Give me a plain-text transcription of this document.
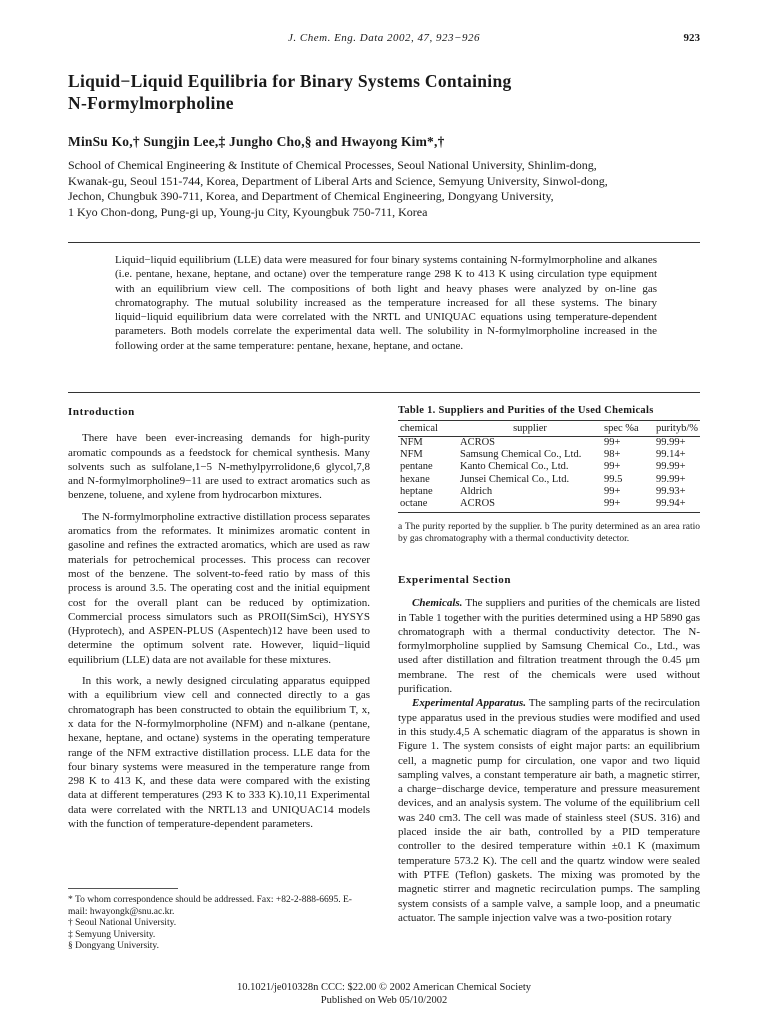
J. Chem. Eng. Data 2002, 47, 923−926	923
Liquid−Liquid Equilibria for Binary Systems Containing
N-Formylmorpholine
MinSu Ko,† Sungjin Lee,‡ Jungho Cho,§ and Hwayong Kim*,†
School of Chemical Engineering & Institute of Chemical Processes, Seoul National University, Shinlim-dong,
Kwanak-gu, Seoul 151-744, Korea, Department of Liberal Arts and Science, Semyung University, Sinwol-dong,
Jechon, Chungbuk 390-711, Korea, and Department of Chemical Engineering, Dongyang University,
1 Kyo Chon-dong, Pung-gi up, Young-ju City, Kyoungbuk 750-711, Korea
Liquid−liquid equilibrium (LLE) data were measured for four binary systems containing N-formylmorpholine and alkanes (i.e. pentane, hexane, heptane, and octane) over the temperature range 298 K to 413 K using circulation type equipment with an equilibrium view cell. The compositions of both light and heavy phases were analyzed by on-line gas chromatography. The mutual solubility increased as the temperature increased for all these systems. The binary liquid−liquid equilibrium data were correlated with the NRTL and UNIQUAC equations using temperature-dependent parameters. Both models correlate the experimental data well. The solubility in N-formylmorpholine increased in the following order at the same temperature: pentane, hexane, heptane, and octane.
Introduction

There have been ever-increasing demands for high-purity aromatic compounds as a feedstock for chemical synthesis. Many solvents such as sulfolane,1−5 N-methylpyrrolidone,6 glycol,7,8 and N-formylmorpholine9−11 are used to extract aromatics such as benzene, toluene, and xylene from hydrocarbon mixtures.

The N-formylmorpholine extractive distillation process separates aromatics from the reformates. It minimizes aromatic content in gasoline and refines the extracted aromatics, which are used as raw materials for petrochemical processes. This process can recover most of the benzene. The solvent-to-feed ratio by mass of this process is around 3.5. The operating cost and the initial equipment cost for the overall plant can be reduced by optimization. Commercial process simulators such as PROII(SimSci), HYSYS (Hyprotech), and ASPEN-PLUS (Aspentech)12 have been used to determine the optimum solvent rate. However, liquid−liquid equilibrium (LLE) data are not available for these mixtures.

In this work, a newly designed circulating apparatus equipped with a equilibrium view cell and connected directly to a gas chromatograph has been constructed to obtain the equilibrium T, x, x data for the N-formylmorpholine (NFM) and n-alkane (pentane, hexane, heptane, and octane) systems in the operating temperature range of the NFM extractive distillation process. LLE data for the four binary systems were measured in the temperature range from 298 K to 413 K, and these data were compared with the existing data at different temperatures (293 K to 333 K).10,11 Experimental data were correlated with the NRTL13 and UNIQUAC14 models with the function of temperature-dependent parameters.

* To whom correspondence should be addressed. Fax: +82-2-888-6695. E-mail: hwayongk@snu.ac.kr.
† Seoul National University.
‡ Semyung University.
§ Dongyang University.
Table 1. Suppliers and Purities of the Used Chemicals
chemical	supplier	spec %a	purityb/%
NFM	ACROS	99+	99.99+
NFM	Samsung Chemical Co., Ltd.	98+	99.14+
pentane	Kanto Chemical Co., Ltd.	99+	99.99+
hexane	Junsei Chemical Co., Ltd.	99.5	99.99+
heptane	Aldrich	99+	99.93+
octane	ACROS	99+	99.94+
a The purity reported by the supplier. b The purity determined as an area ratio by gas chromatography with a thermal conductivity detector.
Experimental Section

Chemicals. The suppliers and purities of the chemicals are listed in Table 1 together with the purities determined using a HP 5890 gas chromatograph with a thermal conductivity detector. The N-formylmorpholine supplied by Samsung Chemical Co., Ltd., was used after distillation and filtration treatment through the 0.45 μm membrane. The rest of the chemicals were used without purification.

Experimental Apparatus. The sampling parts of the recirculation type apparatus used in the previous studies were modified and used in this study.4,5 A schematic diagram of the apparatus is shown in Figure 1. The system consists of eight major parts: an equilibrium cell, a magnetic pump for circulation, one vapor and two liquid sampling valves, a constant temperature air bath, a magnetic stirrer, a charge−discharge device, temperature and pressure measurement devices, and an analysis system. The volume of the equilibrium cell was 240 cm3. The cell was made of stainless steel (SUS. 316) and placed inside the air bath, controlled by a PID temperature controller to the desired temperature within ±0.1 K (maximum temperature 573.2 K). The cell and the quartz window were sealed with PTFE (Teflon) gaskets. The mixing was promoted by the magnetic stirrer and magnetic recirculation pumps. The sampling system consists of a sample valve, a sample loop, and a pneumatic actuator. The sample injection valve was a two-position rotary

10.1021/je010328n CCC: $22.00 © 2002 American Chemical Society
Published on Web 05/10/2002
